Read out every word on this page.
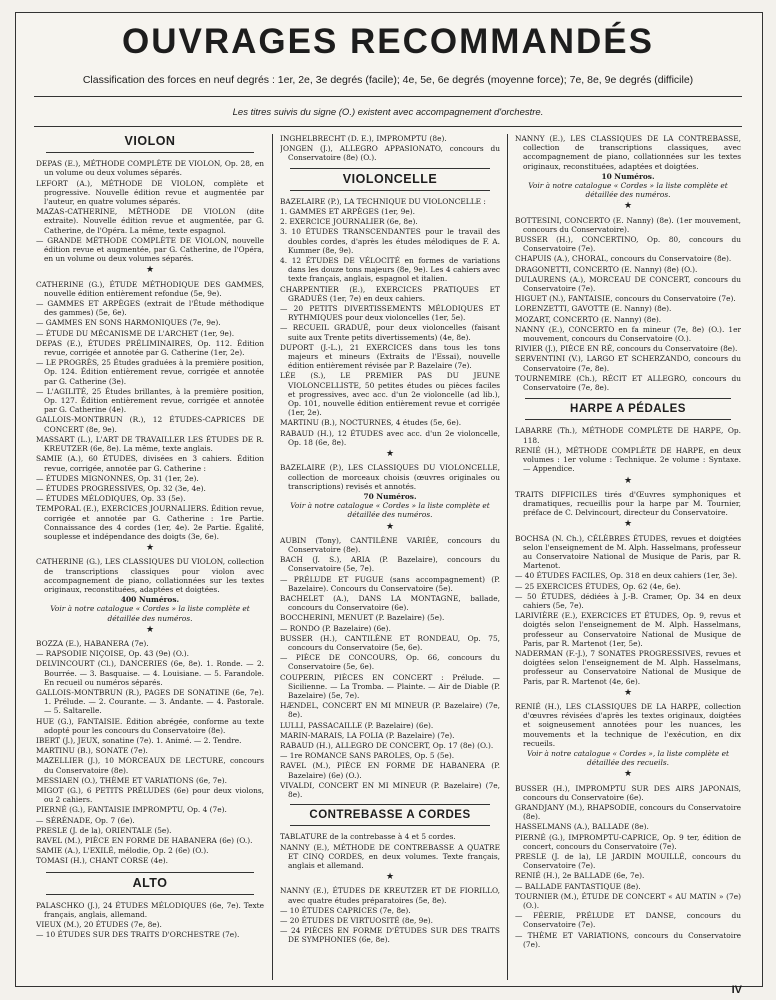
OUVRAGES RECOMMANDÉS
Classification des forces en neuf degrés : 1er, 2e, 3e degrés (facile); 4e, 5e, 6e degrés (moyenne force); 7e, 8e, 9e degrés (difficile)
Les titres suivis du signe (O.) existent avec accompagnement d'orchestre.
VIOLON
DEPAS (E.), MÉTHODE COMPLÈTE DE VIOLON, Op. 28, en un volume ou deux volumes séparés.
LEFORT (A.), MÉTHODE DE VIOLON, complète et progressive. Nouvelle édition revue et augmentée par l'auteur, en quatre volumes séparés.
MAZAS-CATHERINE, MÉTHODE DE VIOLON (dite extraite). Nouvelle édition revue et augmentée, par G. Catherine, de l'Opéra. La même, texte espagnol.
— GRANDE MÉTHODE COMPLÈTE DE VIOLON, nouvelle édition revue et augmentée, par G. Catherine, de l'Opéra, en un volume ou deux volumes séparés.
★
CATHERINE (G.), ÉTUDE MÉTHODIQUE DES GAMMES, nouvelle édition entièrement refondue (5e, 9e).
— GAMMES ET ARPÈGES (extrait de l'Étude méthodique des gammes) (5e, 6e).
— GAMMES EN SONS HARMONIQUES (7e, 9e).
— ÉTUDE DU MÉCANISME DE L'ARCHET (1er, 9e).
DEPAS (E.), ÉTUDES PRÉLIMINAIRES, Op. 112. Édition revue, corrigée et annotée par G. Catherine (1er, 2e).
— LE PROGRÈS, 25 Études graduées à la première position, Op. 124. Édition entièrement revue, corrigée et annotée par G. Catherine (3e).
— L'AGILITÉ, 25 Études brillantes, à la première position, Op. 127. Édition entièrement revue, corrigée et annotée par G. Catherine (4e).
GALLOIS-MONTBRUN (R.), 12 ÉTUDES-CAPRICES DE CONCERT (8e, 9e).
MASSART (L.), L'ART DE TRAVAILLER LES ÉTUDES DE R. KREUTZER (6e, 8e). La même, texte anglais.
SAMIE (A.), 60 ÉTUDES, divisées en 3 cahiers. Édition revue, corrigée, annotée par G. Catherine :
— ÉTUDES MIGNONNES, Op. 31 (1er, 2e).
— ÉTUDES PROGRESSIVES, Op. 32 (3e, 4e).
— ÉTUDES MÉLODIQUES, Op. 33 (5e).
TEMPORAL (E.), EXERCICES JOURNALIERS. Édition revue, corrigée et annotée par G. Catherine : 1re Partie. Connaissance des 4 cordes (1er, 4e). 2e Partie. Égalité, souplesse et indépendance des doigts (3e, 6e).
★
CATHERINE (G.), LES CLASSIQUES DU VIOLON, collection de transcriptions classiques pour violon avec accompagnement de piano, collationnées sur les textes originaux, reconstituées, adaptées et doigtées.
400 Numéros.
Voir à notre catalogue « Cordes » la liste complète et détaillée des numéros.
★
BOZZA (E.), HABANERA (7e).
— RAPSODIE NIÇOISE, Op. 43 (9e) (O.).
DELVINCOURT (Cl.), DANCERIES (6e, 8e). 1. Ronde. — 2. Bourrée. — 3. Basquaise. — 4. Louisiane. — 5. Farandole. En recueil ou numéros séparés.
GALLOIS-MONTBRUN (R.), PAGES DE SONATINE (6e, 7e). 1. Prélude. — 2. Courante. — 3. Andante. — 4. Pastorale. — 5. Saltarelle.
HUE (G.), FANTAISIE. Édition abrégée, conforme au texte adopté pour les concours du Conservatoire (8e).
IBERT (J.), JEUX, sonatine (7e). 1. Animé. — 2. Tendre.
MARTINU (B.), SONATE (7e).
MAZELLIER (J.), 10 MORCEAUX DE LECTURE, concours du Conservatoire (8e).
MESSIAEN (O.), THÈME ET VARIATIONS (6e, 7e).
MIGOT (G.), 6 PETITS PRÉLUDES (6e) pour deux violons, ou 2 cahiers.
PIERNÉ (G.), FANTAISIE IMPROMPTU, Op. 4 (7e).
— SÉRÉNADE, Op. 7 (6e).
PRESLE (J. de la), ORIENTALE (5e).
RAVEL (M.), PIÈCE EN FORME DE HABANERA (6e) (O.).
SAMIE (A.), L'EXILÉ, mélodie, Op. 2 (6e) (O.).
TOMASI (H.), CHANT CORSE (4e).
ALTO
PALASCHKO (J.), 24 ÉTUDES MÉLODIQUES (6e, 7e). Texte français, anglais, allemand.
VIEUX (M.), 20 ÉTUDES (7e, 8e).
— 10 ÉTUDES SUR DES TRAITS D'ORCHESTRE (7e).
INGHELBRECHT (D. E.), IMPROMPTU (8e).
JONGEN (J.), ALLEGRO APPASIONATO, concours du Conservatoire (8e) (O.).
VIOLONCELLE
BAZELAIRE (P.), LA TECHNIQUE DU VIOLONCELLE :
1. GAMMES ET ARPÈGES (1er, 9e).
2. EXERCICE JOURNALIER (6e, 8e).
3. 10 ÉTUDES TRANSCENDANTES pour le travail des doubles cordes, d'après les études mélodiques de F. A. Kummer (8e, 9e).
4. 12 ÉTUDES DE VÉLOCITÉ en formes de variations dans les douze tons majeurs (8e, 9e). Les 4 cahiers avec texte français, anglais, espagnol et italien.
CHARPENTIER (E.), EXERCICES PRATIQUES ET GRADUÉS (1er, 7e) en deux cahiers.
— 20 PETITS DIVERTISSEMENTS MÉLODIQUES ET RYTHMIQUES pour deux violoncelles (1er, 5e).
— RECUEIL GRADUÉ, pour deux violoncelles (faisant suite aux Trente petits divertissements) (4e, 8e).
DUPORT (J.-L.), 21 EXERCICES dans tous les tons majeurs et mineurs (Extraits de l'Essai), nouvelle édition entièrement révisée par P. Bazelaire (7e).
LÉE (S.), LE PREMIER PAS DU JEUNE VIOLONCELLISTE, 50 petites études ou pièces faciles et progressives, avec acc. d'un 2e violoncelle (ad lib.), Op. 101, nouvelle édition entièrement revue et corrigée (1er, 2e).
MARTINU (B.), NOCTURNES, 4 études (5e, 6e).
RABAUD (H.), 12 ÉTUDES avec acc. d'un 2e violoncelle, Op. 18 (6e, 8e).
★
BAZELAIRE (P.), LES CLASSIQUES DU VIOLONCELLE, collection de morceaux choisis (œuvres originales ou transcriptions) revisés et annotés.
70 Numéros.
Voir à notre catalogue « Cordes » la liste complète et détaillée des numéros.
★
AUBIN (Tony), CANTILÈNE VARIÉE, concours du Conservatoire (8e).
BACH (J. S.), ARIA (P. Bazelaire), concours du Conservatoire (5e, 7e).
— PRÉLUDE ET FUGUE (sans accompagnement) (P. Bazelaire). Concours du Conservatoire (5e).
BACHELET (A.), DANS LA MONTAGNE, ballade, concours du Conservatoire (6e).
BOCCHERINI, MENUET (P. Bazelaire) (5e).
— RONDO (P. Bazelaire) (6e).
BUSSER (H.), CANTILÈNE ET RONDEAU, Op. 75, concours du Conservatoire (5e, 6e).
— PIÈCE DE CONCOURS, Op. 66, concours du Conservatoire (5e, 6e).
COUPERIN, PIÈCES EN CONCERT : Prélude. — Sicilienne. — La Tromba. — Plainte. — Air de Diable (P. Bazelaire) (5e, 7e).
HÆNDEL, CONCERT EN MI MINEUR (P. Bazelaire) (7e, 8e).
LULLI, PASSACAILLE (P. Bazelaire) (6e).
MARIN-MARAIS, LA FOLIA (P. Bazelaire) (7e).
RABAUD (H.), ALLEGRO DE CONCERT, Op. 17 (8e) (O.).
— 1re ROMANCE SANS PAROLES, Op. 5 (5e).
RAVEL (M.), PIÈCE EN FORME DE HABANERA (P. Bazelaire) (6e) (O.).
VIVALDI, CONCERT EN MI MINEUR (P. Bazelaire) (7e, 8e).
CONTREBASSE A CORDES
TABLATURE de la contrebasse à 4 et 5 cordes.
NANNY (E.), MÉTHODE DE CONTREBASSE A QUATRE ET CINQ CORDES, en deux volumes. Texte français, anglais et allemand.
★
NANNY (E.), ÉTUDES DE KREUTZER ET DE FIORILLO, avec quatre études préparatoires (5e, 8e).
— 10 ÉTUDES CAPRICES (7e, 8e).
— 20 ÉTUDES DE VIRTUOSITÉ (8e, 9e).
— 24 PIÈCES EN FORME D'ÉTUDES SUR DES TRAITS DE SYMPHONIES (6e, 8e).
NANNY (E.), LES CLASSIQUES DE LA CONTREBASSE, collection de transcriptions classiques, avec accompagnement de piano, collationnées sur les textes originaux, reconstituées, adaptées et doigtées.
10 Numéros.
Voir à notre catalogue « Cordes » la liste complète et détaillée des numéros.
★
BOTTESINI, CONCERTO (E. Nanny) (8e). (1er mouvement, concours du Conservatoire).
BUSSER (H.), CONCERTINO, Op. 80, concours du Conservatoire (7e).
CHAPUIS (A.), CHORAL, concours du Conservatoire (8e).
DRAGONETTI, CONCERTO (E. Nanny) (8e) (O.).
DULAURENS (A.), MORCEAU DE CONCERT, concours du Conservatoire (7e).
HIGUET (N.), FANTAISIE, concours du Conservatoire (7e).
LORENZETTI, GAVOTTE (E. Nanny) (8e).
MOZART, CONCERTO (E. Nanny) (8e).
NANNY (E.), CONCERTO en fa mineur (7e, 8e) (O.). 1er mouvement, concours du Conservatoire (O.).
RIVIER (J.), PIÈCE EN RÉ, concours du Conservatoire (8e).
SERVENTINI (V.), LARGO ET SCHERZANDO, concours du Conservatoire (7e, 8e).
TOURNEMIRE (Ch.), RÉCIT ET ALLEGRO, concours du Conservatoire (7e, 8e).
HARPE A PÉDALES
LABARRE (Th.), MÉTHODE COMPLÈTE DE HARPE, Op. 118.
RENIÉ (H.), MÉTHODE COMPLÈTE DE HARPE, en deux volumes : 1er volume : Technique. 2e volume : Syntaxe. — Appendice.
★
TRAITS DIFFICILES tirés d'Œuvres symphoniques et dramatiques, recueillis pour la harpe par M. Tournier, préface de C. Delvincourt, directeur du Conservatoire.
★
BOCHSA (N. Ch.), CÉLÈBRES ÉTUDES, revues et doigtées selon l'enseignement de M. Alph. Hasselmans, professeur au Conservatoire National de Musique de Paris, par R. Martenot.
— 40 ÉTUDES FACILES, Op. 318 en deux cahiers (1er, 3e).
— 25 EXERCICES ÉTUDES, Op. 62 (4e, 6e).
— 50 ÉTUDES, dédiées à J.-B. Cramer, Op. 34 en deux cahiers (5e, 7e).
LARIVIÈRE (E.), EXERCICES ET ÉTUDES, Op. 9, revus et doigtés selon l'enseignement de M. Alph. Hasselmans, professeur au Conservatoire National de Musique de Paris, par R. Martenot (1er, 5e).
NADERMAN (F.-J.), 7 SONATES PROGRESSIVES, revues et doigtées selon l'enseignement de M. Alph. Hasselmans, professeur au Conservatoire National de Musique de Paris, par R. Martenot (4e, 6e).
★
RENIÉ (H.), LES CLASSIQUES DE LA HARPE, collection d'œuvres révisées d'après les textes originaux, doigtées et soigneusement annotées pour les nuances, les mouvements et la technique de l'exécution, en dix recueils.
Voir à notre catalogue « Cordes », la liste complète et détaillée des recueils.
★
BUSSER (H.), IMPROMPTU SUR DES AIRS JAPONAIS, concours du Conservatoire (6e).
GRANDJANY (M.), RHAPSODIE, concours du Conservatoire (8e).
HASSELMANS (A.), BALLADE (8e).
PIERNÉ (G.), IMPROMPTU-CAPRICE, Op. 9 ter, édition de concert, concours du Conservatoire (7e).
PRESLE (J. de la), LE JARDIN MOUILLÉ, concours du Conservatoire (7e).
RENIÉ (H.), 2e BALLADE (6e, 7e).
— BALLADE FANTASTIQUE (8e).
TOURNIER (M.), ÉTUDE DE CONCERT « AU MATIN » (7e) (O.).
— FÉERIE, PRÉLUDE ET DANSE, concours du Conservatoire (7e).
— THÈME ET VARIATIONS, concours du Conservatoire (7e).
IV
